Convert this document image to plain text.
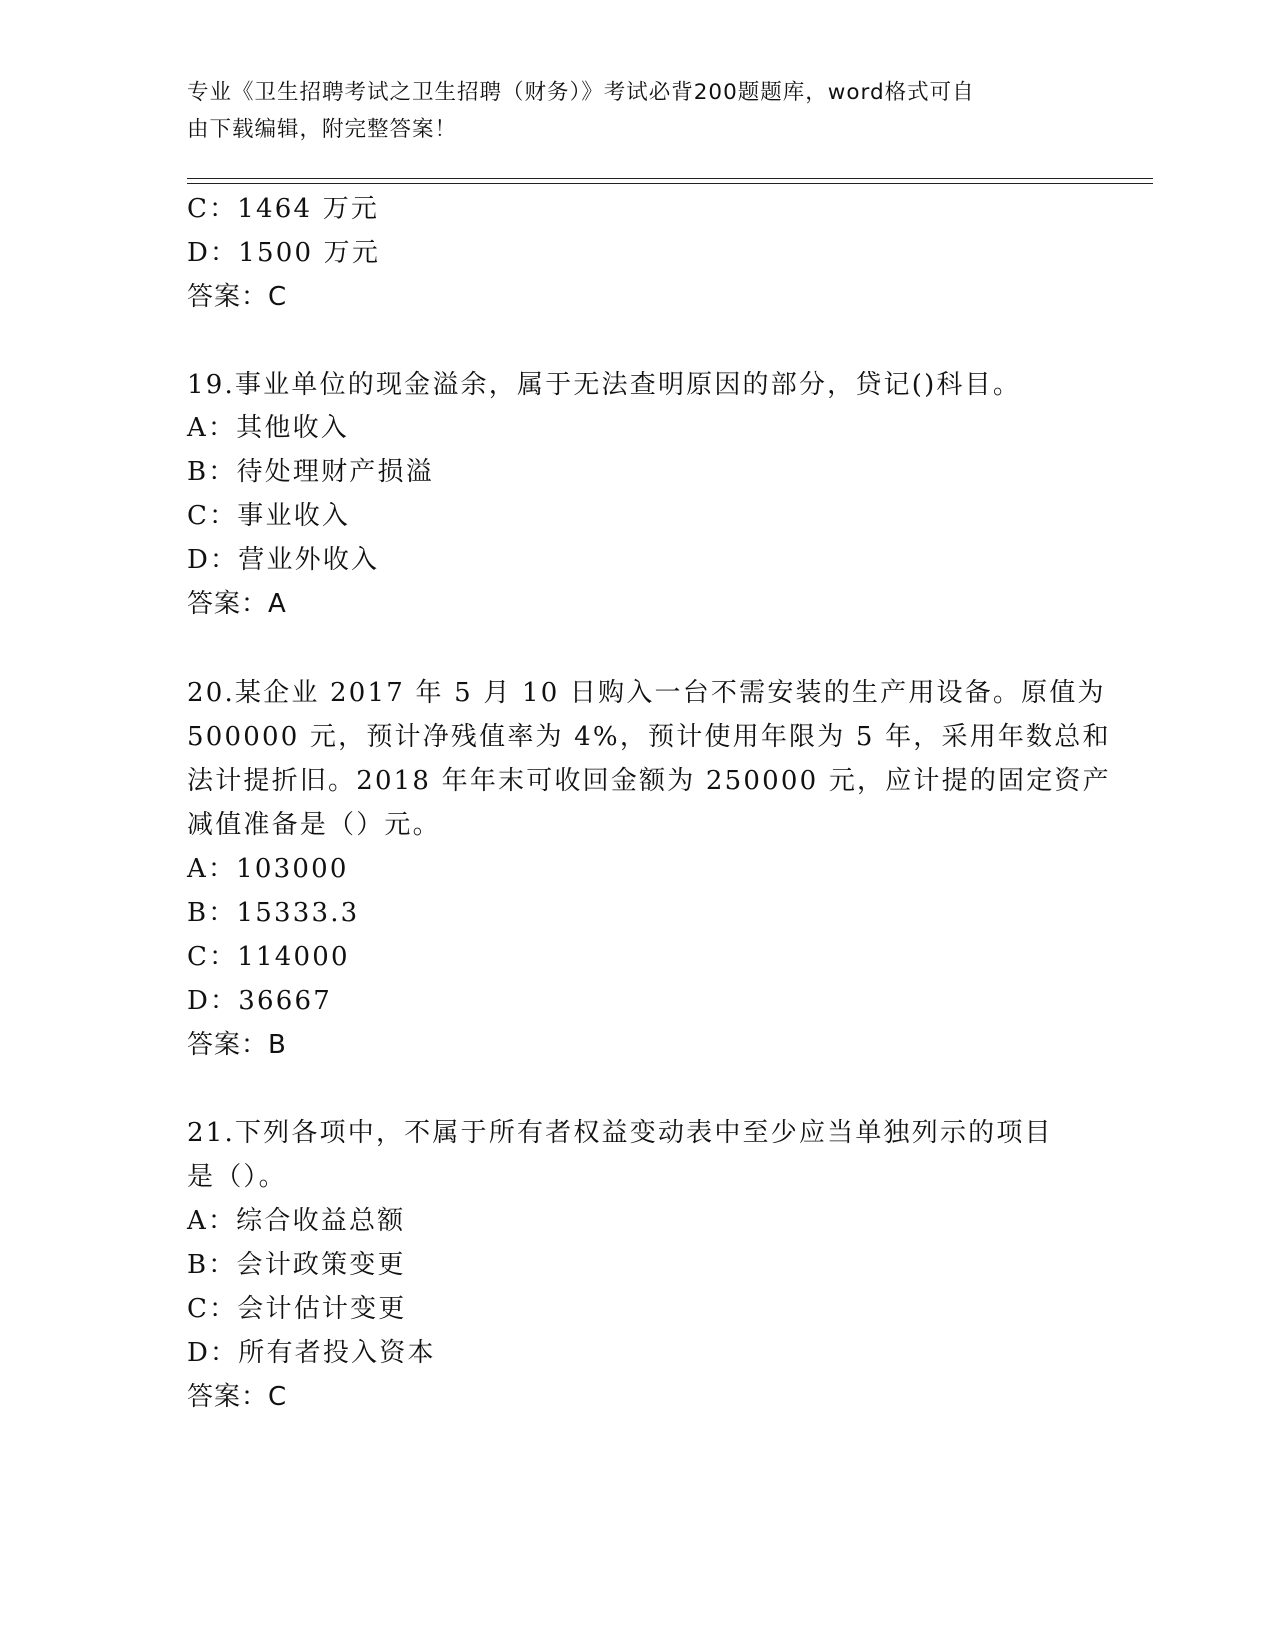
专业《卫生招聘考试之卫生招聘（财务）》考试必背200题题库，word格式可自
由下载编辑，附完整答案！
C：1464 万元
D：1500 万元
答案：C
19.事业单位的现金溢余，属于无法查明原因的部分，贷记()科目。
A：其他收入
B：待处理财产损溢
C：事业收入
D：营业外收入
答案：A
20.某企业 2017 年 5 月 10 日购入一台不需安装的生产用设备。原值为
500000 元，预计净残值率为 4%，预计使用年限为 5 年，采用年数总和
法计提折旧。2018 年年末可收回金额为 250000 元，应计提的固定资产
减值准备是（）元。
A：103000
B：15333.3
C：114000
D：36667
答案：B
21.下列各项中，不属于所有者权益变动表中至少应当单独列示的项目
是（）。
A：综合收益总额
B：会计政策变更
C：会计估计变更
D：所有者投入资本
答案：C
